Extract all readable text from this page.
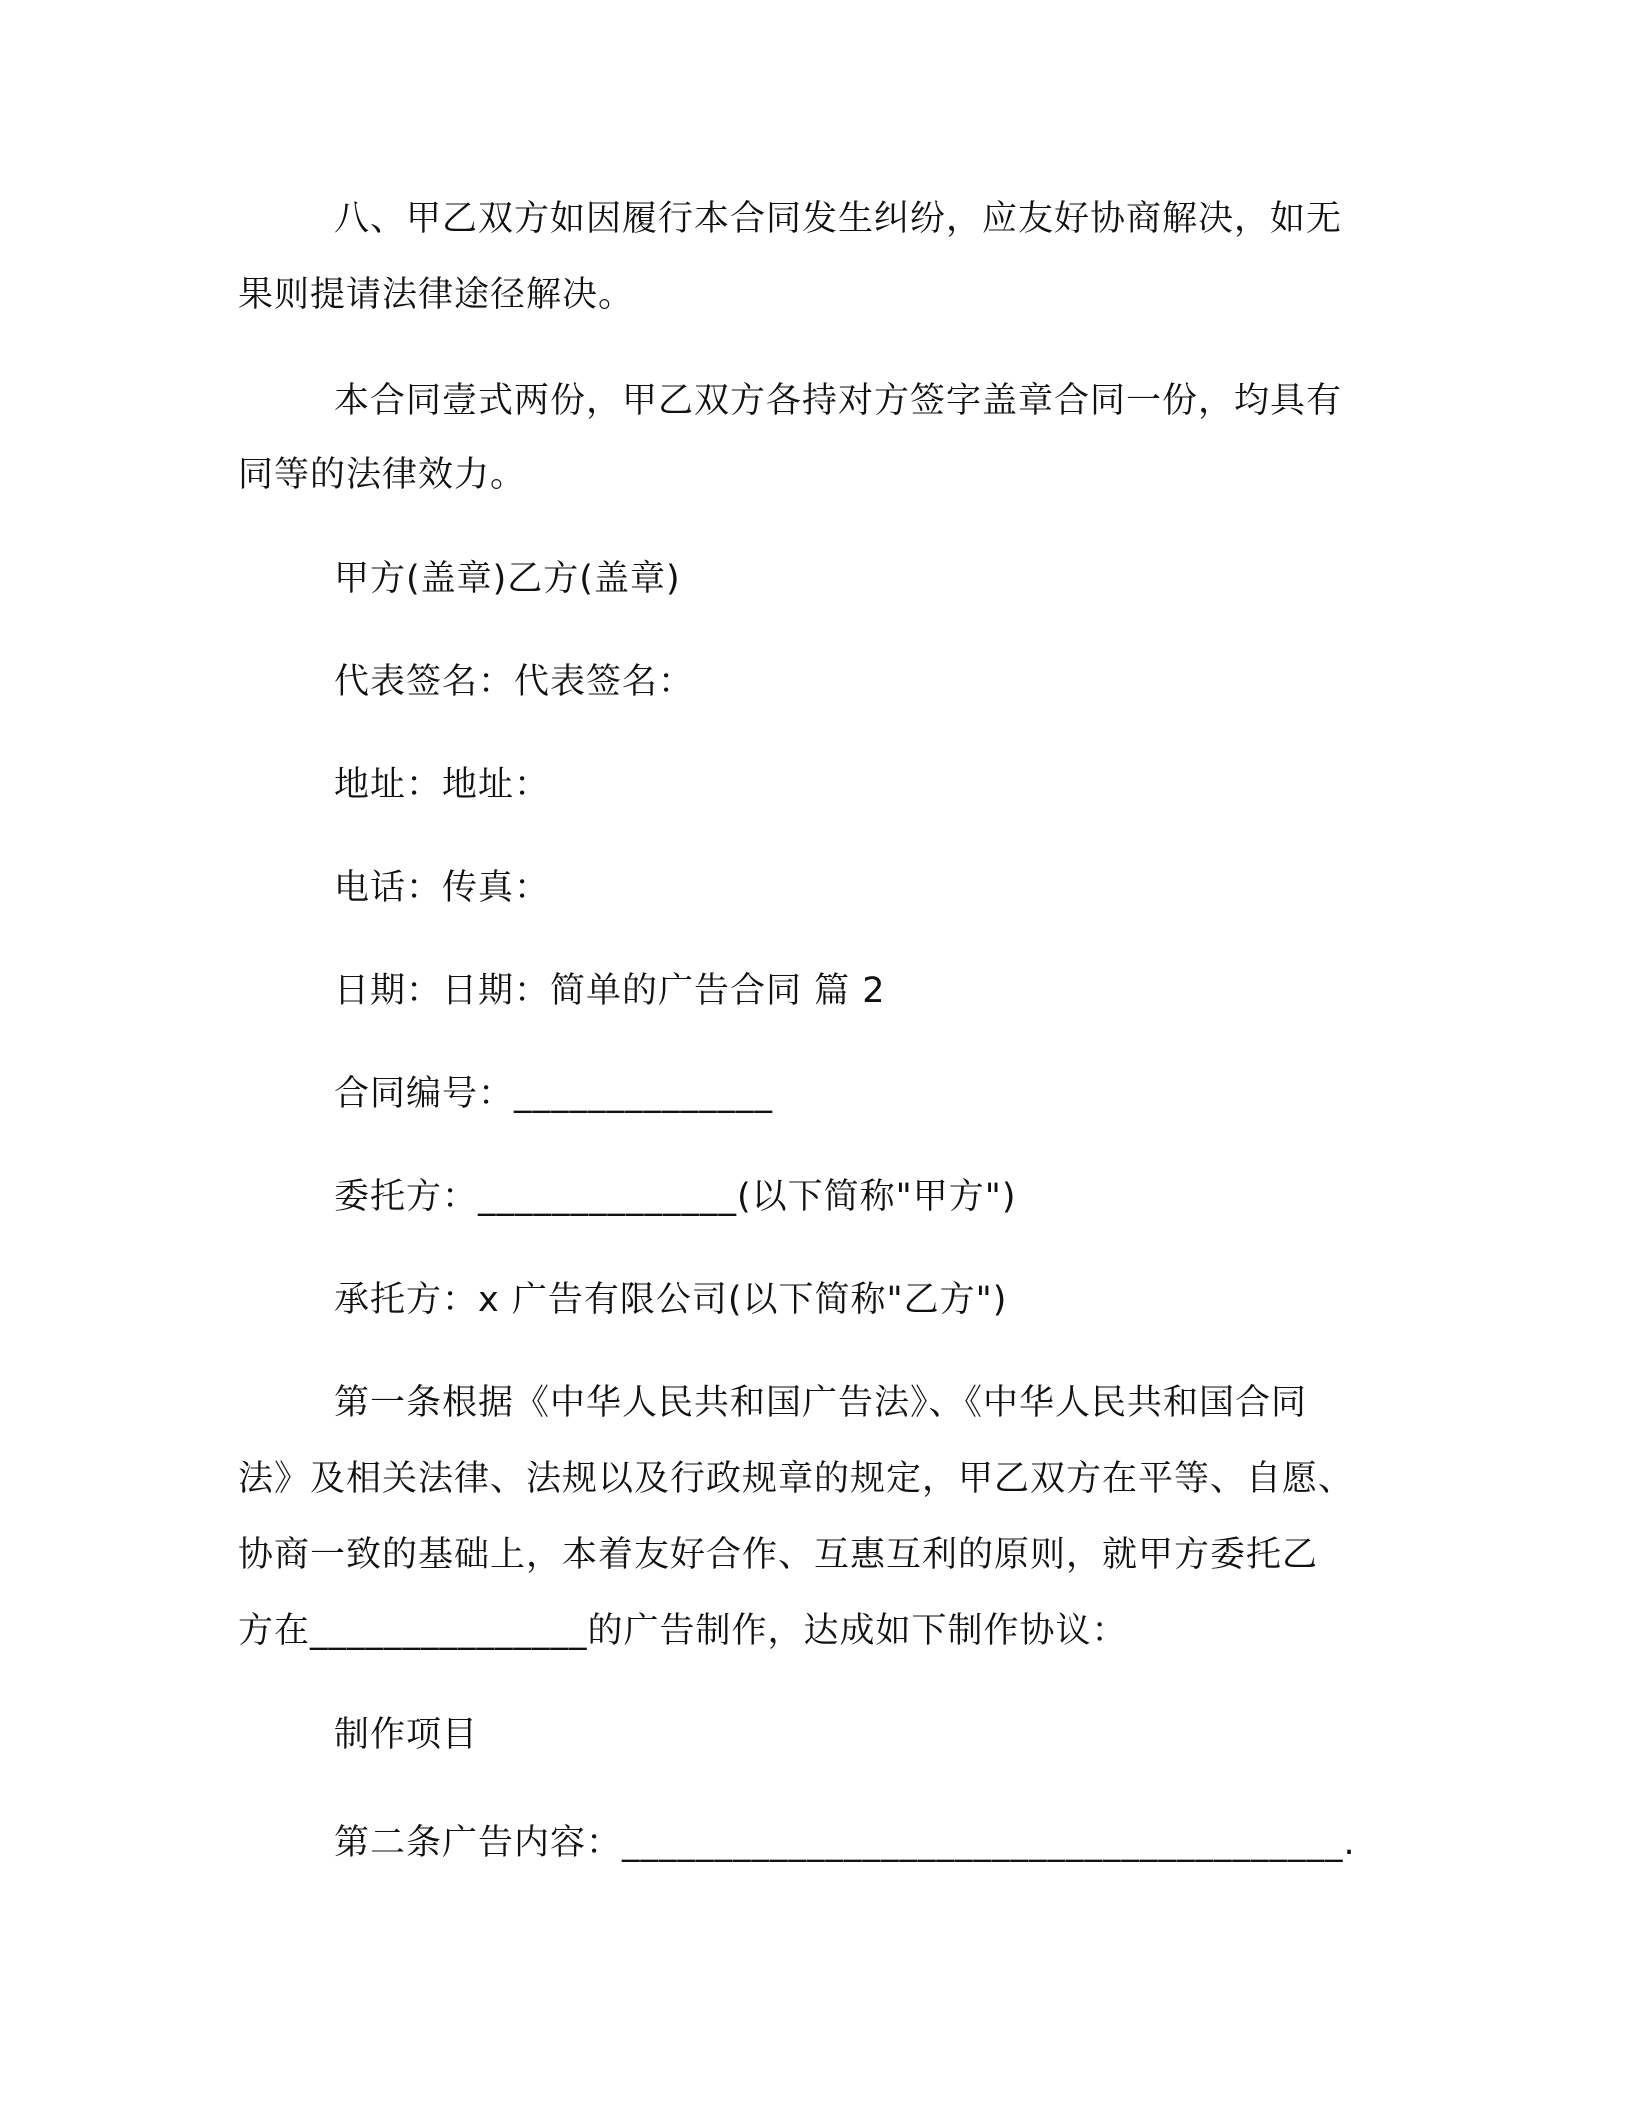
八、甲乙双方如因履行本合同发生纠纷，应友好协商解决，如无
果则提请法律途径解决。
本合同壹式两份，甲乙双方各持对方签字盖章合同一份，均具有
同等的法律效力。
甲方(盖章)乙方(盖章)
代表签名：代表签名：
地址：地址：
电话：传真：
日期：日期：简单的广告合同 篇 2
合同编号：______________
委托方：______________(以下简称"甲方")
承托方：x 广告有限公司(以下简称"乙方")
第一条根据《中华人民共和国广告法》、《中华人民共和国合同
法》及相关法律、法规以及行政规章的规定，甲乙双方在平等、自愿、
协商一致的基础上，本着友好合作、互惠互利的原则，就甲方委托乙
方在_______________的广告制作，达成如下制作协议：
制作项目
第二条广告内容：_______________________________________.
